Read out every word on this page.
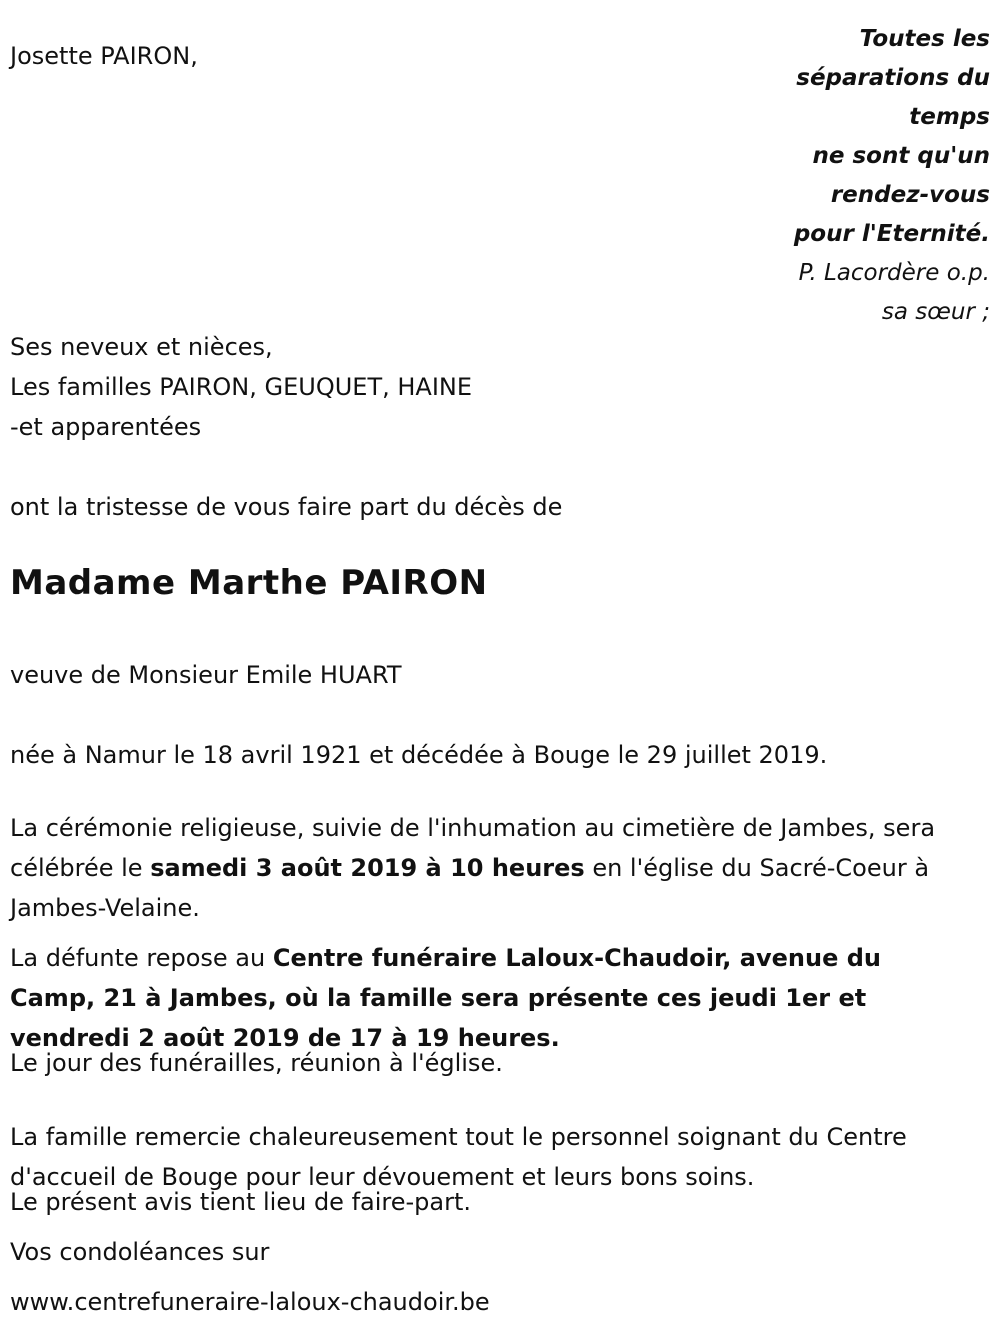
Josette PAIRON,

Toutes les
séparations du
temps
ne sont qu'un
rendez-vous
pour l'Eternité.
P. Lacordère o.p.
sa sœur ;

Ses neveux et nièces,

Les familles PAIRON, GEUQUET, HAINE

-et apparentées

ont la tristesse de vous faire part du décès de

Madame Marthe PAIRON

veuve de Monsieur Emile HUART

née à Namur le 18 avril 1921 et décédée à Bouge le 29 juillet 2019.

La cérémonie religieuse, suivie de l'inhumation au cimetière de Jambes, sera célébrée le samedi 3 août 2019 à 10 heures en l'église du Sacré-Coeur à Jambes-Velaine.

La défunte repose au Centre funéraire Laloux-Chaudoir, avenue du Camp, 21 à Jambes, où la famille sera présente ces jeudi 1er et vendredi 2 août 2019 de 17 à 19 heures.

Le jour des funérailles, réunion à l'église.

La famille remercie chaleureusement tout le personnel soignant du Centre d'accueil de Bouge pour leur dévouement et leurs bons soins.

Le présent avis tient lieu de faire-part.

Vos condoléances sur

www.centrefuneraire-laloux-chaudoir.be
